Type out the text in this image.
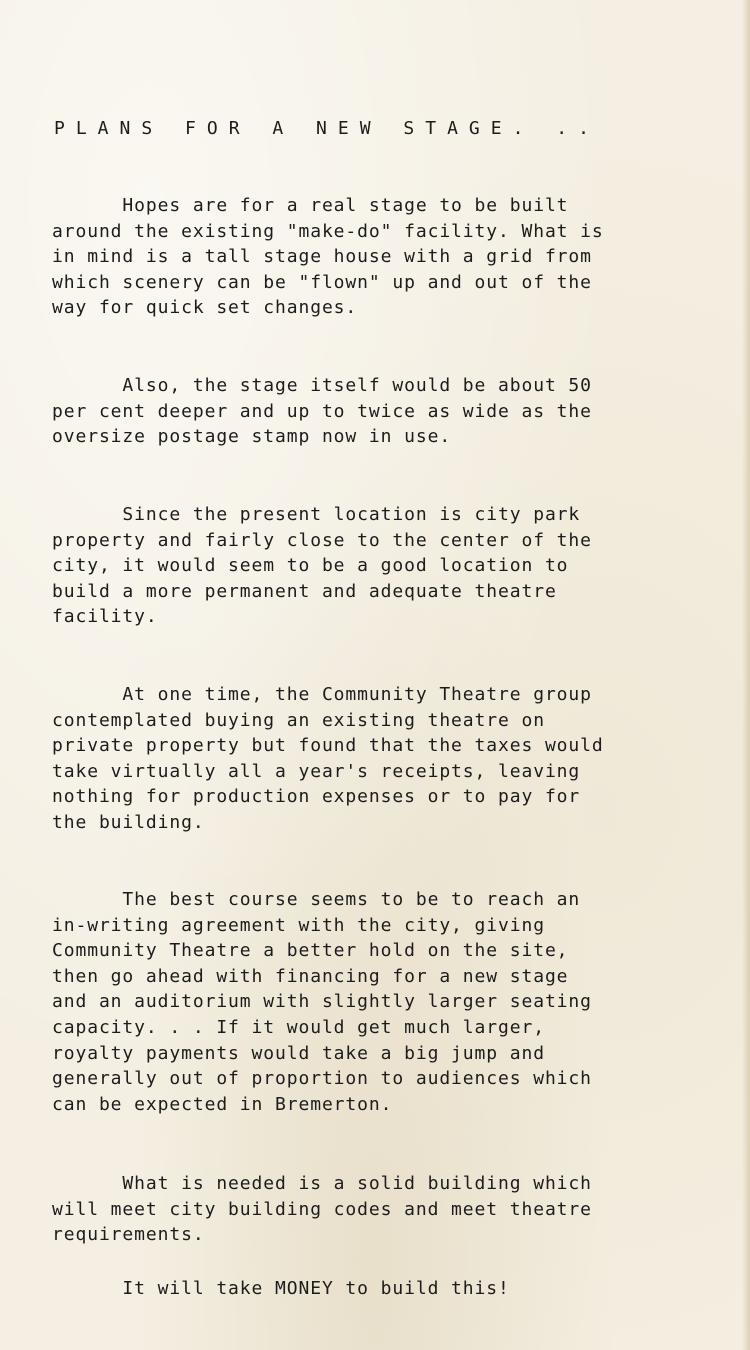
PLANS FOR A NEW STAGE. ..

Hopes are for a real stage to be built
around the existing "make-do" facility. What is
in mind is a tall stage house with a grid from
which scenery can be "flown" up and out of the
way for quick set changes.

Also, the stage itself would be about 50
per cent deeper and up to twice as wide as the
oversize postage stamp now in use.

Since the present location is city park
property and fairly close to the center of the
city, it would seem to be a good location to
build a more permanent and adequate theatre
facility.

At one time, the Community Theatre group
contemplated buying an existing theatre on
private property but found that the taxes would
take virtually all a year's receipts, leaving
nothing for production expenses or to pay for
the building.

The best course seems to be to reach an
in-writing agreement with the city, giving
Community Theatre a better hold on the site,
then go ahead with financing for a new stage
and an auditorium with slightly larger seating
capacity. . . If it would get much larger,
royalty payments would take a big jump and
generally out of proportion to audiences which
can be expected in Bremerton.

What is needed is a solid building which
will meet city building codes and meet theatre
requirements.

It will take MONEY to build this!
